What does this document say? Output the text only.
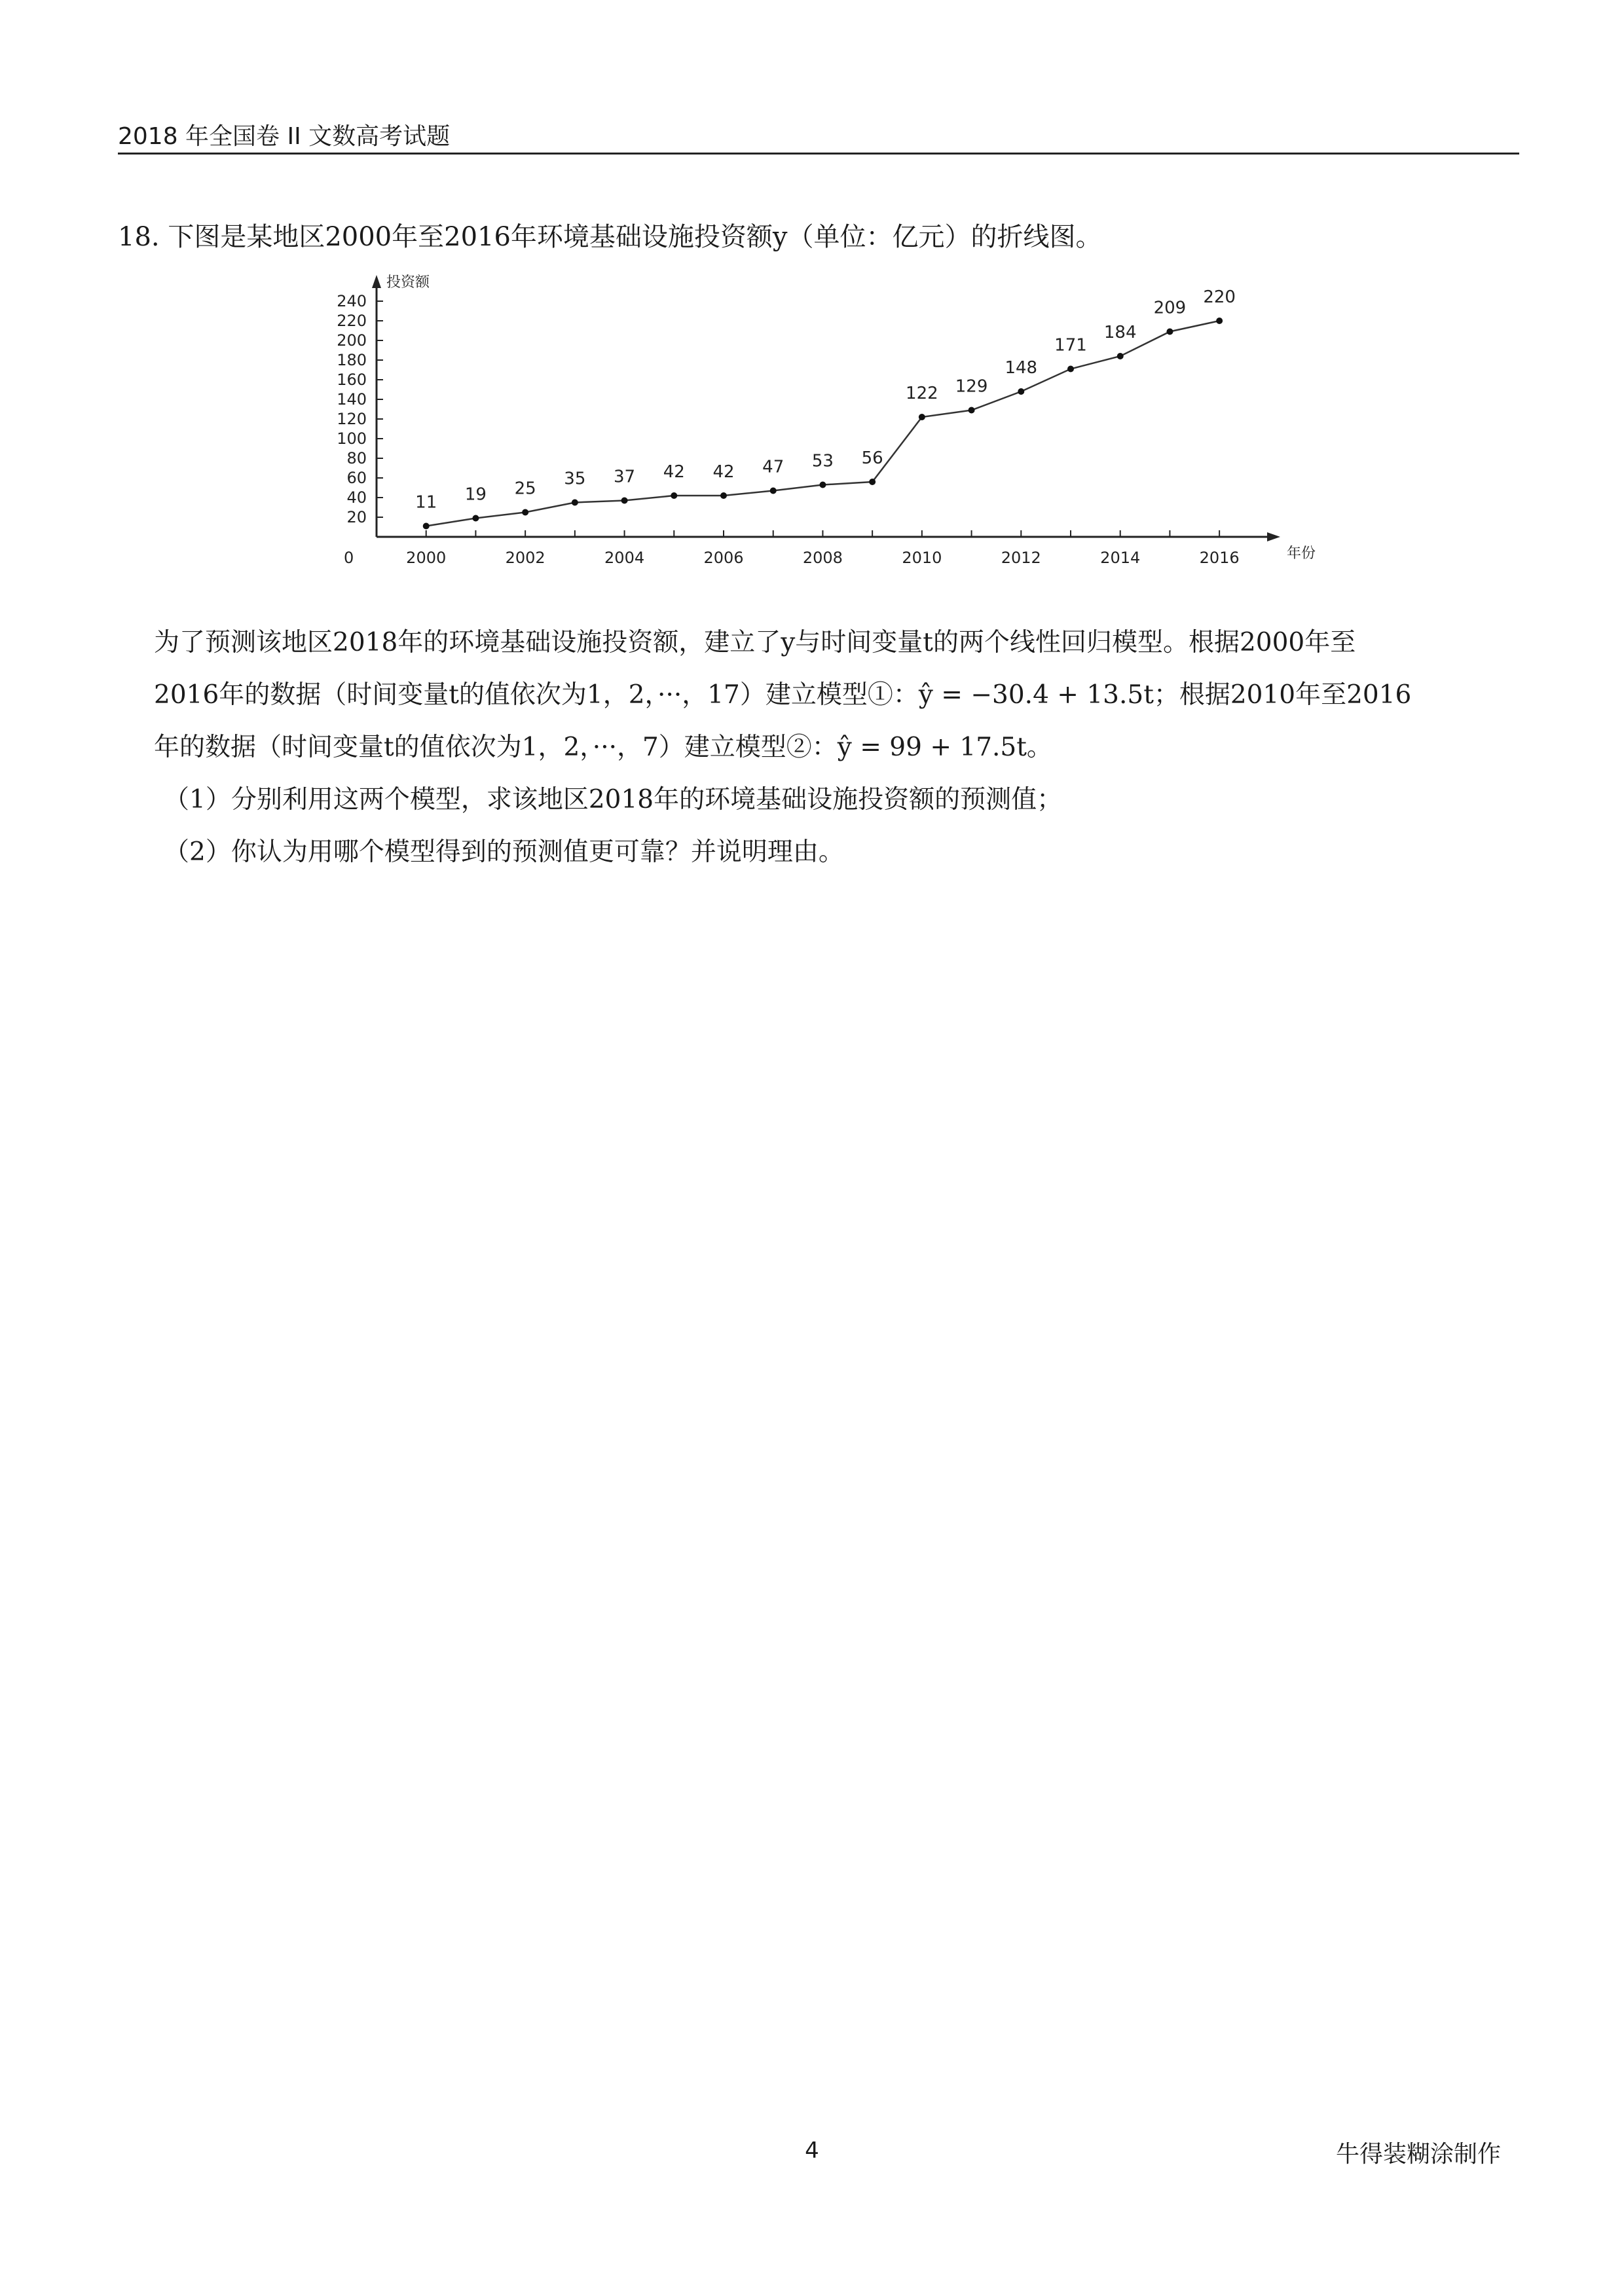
2018 年全国卷 II 文数高考试题
18. 下图是某地区2000年至2016年环境基础设施投资额y（单位：亿元）的折线图。
投资额
年份
0
20
40
60
80
100
120
140
160
180
200
220
240
2000	2002	2004	2006	2008	2010	2012	2014	2016
11 19 25 35 37 42 42 47 53 56
122 129
148
171
184
209
220
为了预测该地区2018年的环境基础设施投资额，建立了y与时间变量t的两个线性回归模型。根据2000年至
2016年的数据（时间变量t的值依次为1，2，···，17）建立模型①：ŷ = −30.4 + 13.5t；根据2010年至2016
年的数据（时间变量t的值依次为1，2，···，7）建立模型②：ŷ = 99 + 17.5t。
（1）分别利用这两个模型，求该地区2018年的环境基础设施投资额的预测值；
（2）你认为用哪个模型得到的预测值更可靠？并说明理由。
4	牛得装糊涂制作
